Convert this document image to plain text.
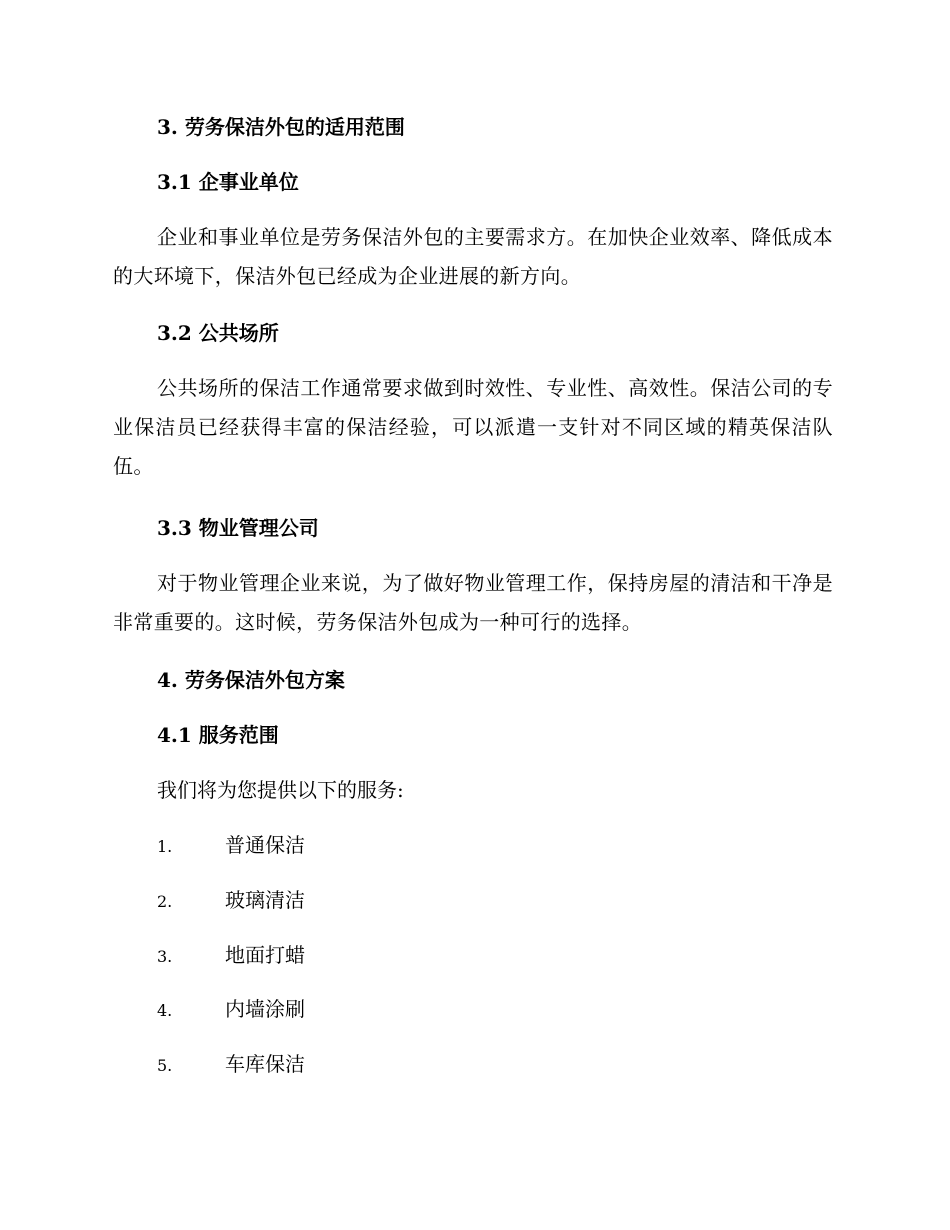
3. 劳务保洁外包的适用范围
3.1 企事业单位
企业和事业单位是劳务保洁外包的主要需求方。在加快企业效率、降低成本的大环境下，保洁外包已经成为企业进展的新方向。
3.2 公共场所
公共场所的保洁工作通常要求做到时效性、专业性、高效性。保洁公司的专业保洁员已经获得丰富的保洁经验，可以派遣一支针对不同区域的精英保洁队伍。
3.3 物业管理公司
对于物业管理企业来说，为了做好物业管理工作，保持房屋的清洁和干净是非常重要的。这时候，劳务保洁外包成为一种可行的选择。
4. 劳务保洁外包方案
4.1 服务范围
我们将为您提供以下的服务:
1.	普通保洁
2.	玻璃清洁
3.	地面打蜡
4.	内墙涂刷
5.	车库保洁
